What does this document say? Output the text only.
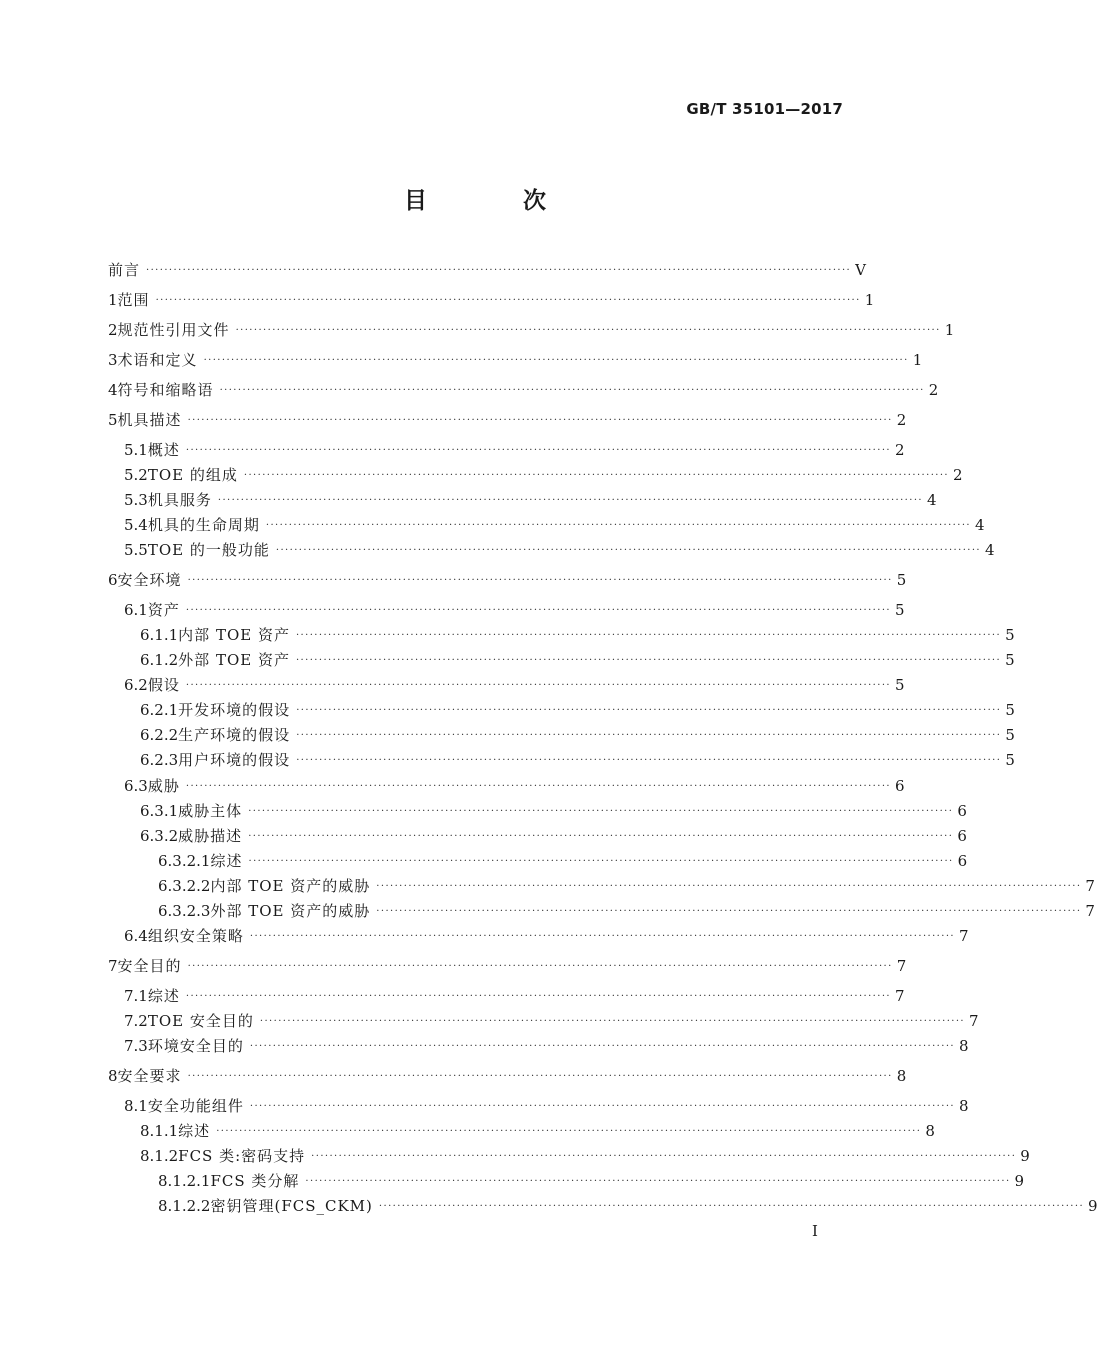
GB/T 35101—2017
目 次
前言 ·························································································································································· V
1 范围 ·························································································································································· 1
2 规范性引用文件 ·························································································································································· 1
3 术语和定义 ·························································································································································· 1
4 符号和缩略语 ·························································································································································· 2
5 机具描述 ·························································································································································· 2
5.1 概述 ·························································································································································· 2
5.2 TOE 的组成 ·························································································································································· 2
5.3 机具服务 ·························································································································································· 4
5.4 机具的生命周期 ·························································································································································· 4
5.5 TOE 的一般功能 ·························································································································································· 4
6 安全环境 ·························································································································································· 5
6.1 资产 ·························································································································································· 5
6.1.1 内部 TOE 资产 ·························································································································································· 5
6.1.2 外部 TOE 资产 ·························································································································································· 5
6.2 假设 ·························································································································································· 5
6.2.1 开发环境的假设 ·························································································································································· 5
6.2.2 生产环境的假设 ·························································································································································· 5
6.2.3 用户环境的假设 ·························································································································································· 5
6.3 威胁 ·························································································································································· 6
6.3.1 威胁主体 ·························································································································································· 6
6.3.2 威胁描述 ·························································································································································· 6
6.3.2.1 综述 ·························································································································································· 6
6.3.2.2 内部 TOE 资产的威胁 ·························································································································································· 7
6.3.2.3 外部 TOE 资产的威胁 ·························································································································································· 7
6.4 组织安全策略 ·························································································································································· 7
7 安全目的 ·························································································································································· 7
7.1 综述 ·························································································································································· 7
7.2 TOE 安全目的 ·························································································································································· 7
7.3 环境安全目的 ·························································································································································· 8
8 安全要求 ·························································································································································· 8
8.1 安全功能组件 ·························································································································································· 8
8.1.1 综述 ·························································································································································· 8
8.1.2 FCS 类:密码支持 ·························································································································································· 9
8.1.2.1 FCS 类分解 ·························································································································································· 9
8.1.2.2 密钥管理(FCS_CKM) ·························································································································································· 9
I
